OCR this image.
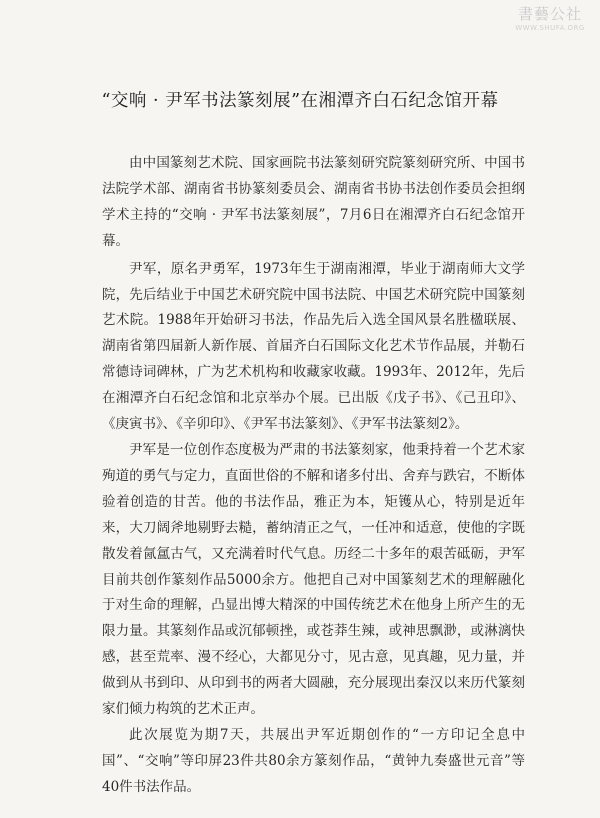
書藝公社
WWW.SHUFA.ORG
“交响 · 尹军书法篆刻展”在湘潭齐白石纪念馆开幕

由中国篆刻艺术院、国家画院书法篆刻研究院篆刻研究所、中国书法院学术部、湖南省书协篆刻委员会、湖南省书协书法创作委员会担纲学术主持的“交响 · 尹军书法篆刻展”，7月6日在湘潭齐白石纪念馆开幕。

尹军，原名尹勇军，1973年生于湖南湘潭，毕业于湖南师大文学院，先后结业于中国艺术研究院中国书法院、中国艺术研究院中国篆刻艺术院。1988年开始研习书法，作品先后入选全国风景名胜楹联展、湖南省第四届新人新作展、首届齐白石国际文化艺术节作品展，并勒石常德诗词碑林，广为艺术机构和收藏家收藏。1993年、2012年，先后在湘潭齐白石纪念馆和北京举办个展。已出版《戊子书》、《己丑印》、《庚寅书》、《辛卯印》、《尹军书法篆刻》、《尹军书法篆刻2》。

尹军是一位创作态度极为严肃的书法篆刻家，他秉持着一个艺术家殉道的勇气与定力，直面世俗的不解和诸多付出、舍弃与跌宕，不断体验着创造的甘苦。他的书法作品，雅正为本，矩镬从心，特别是近年来，大刀阔斧地剔野去糙，蓄纳清正之气，一任冲和适意，使他的字既散发着氤氲古气，又充满着时代气息。历经二十多年的艰苦砥砺，尹军目前共创作篆刻作品5000余方。他把自己对中国篆刻艺术的理解融化于对生命的理解，凸显出博大精深的中国传统艺术在他身上所产生的无限力量。其篆刻作品或沉郁顿挫，或苍莽生辣，或神思飘渺，或淋漓快感，甚至荒率、漫不经心，大都见分寸，见古意，见真趣，见力量，并做到从书到印、从印到书的两者大圆融，充分展现出秦汉以来历代篆刻家们倾力构筑的艺术正声。

此次展览为期7天，共展出尹军近期创作的“一方印记全息中国”、“交响”等印屏23件共80余方篆刻作品，“黄钟九奏盛世元音”等40件书法作品。
